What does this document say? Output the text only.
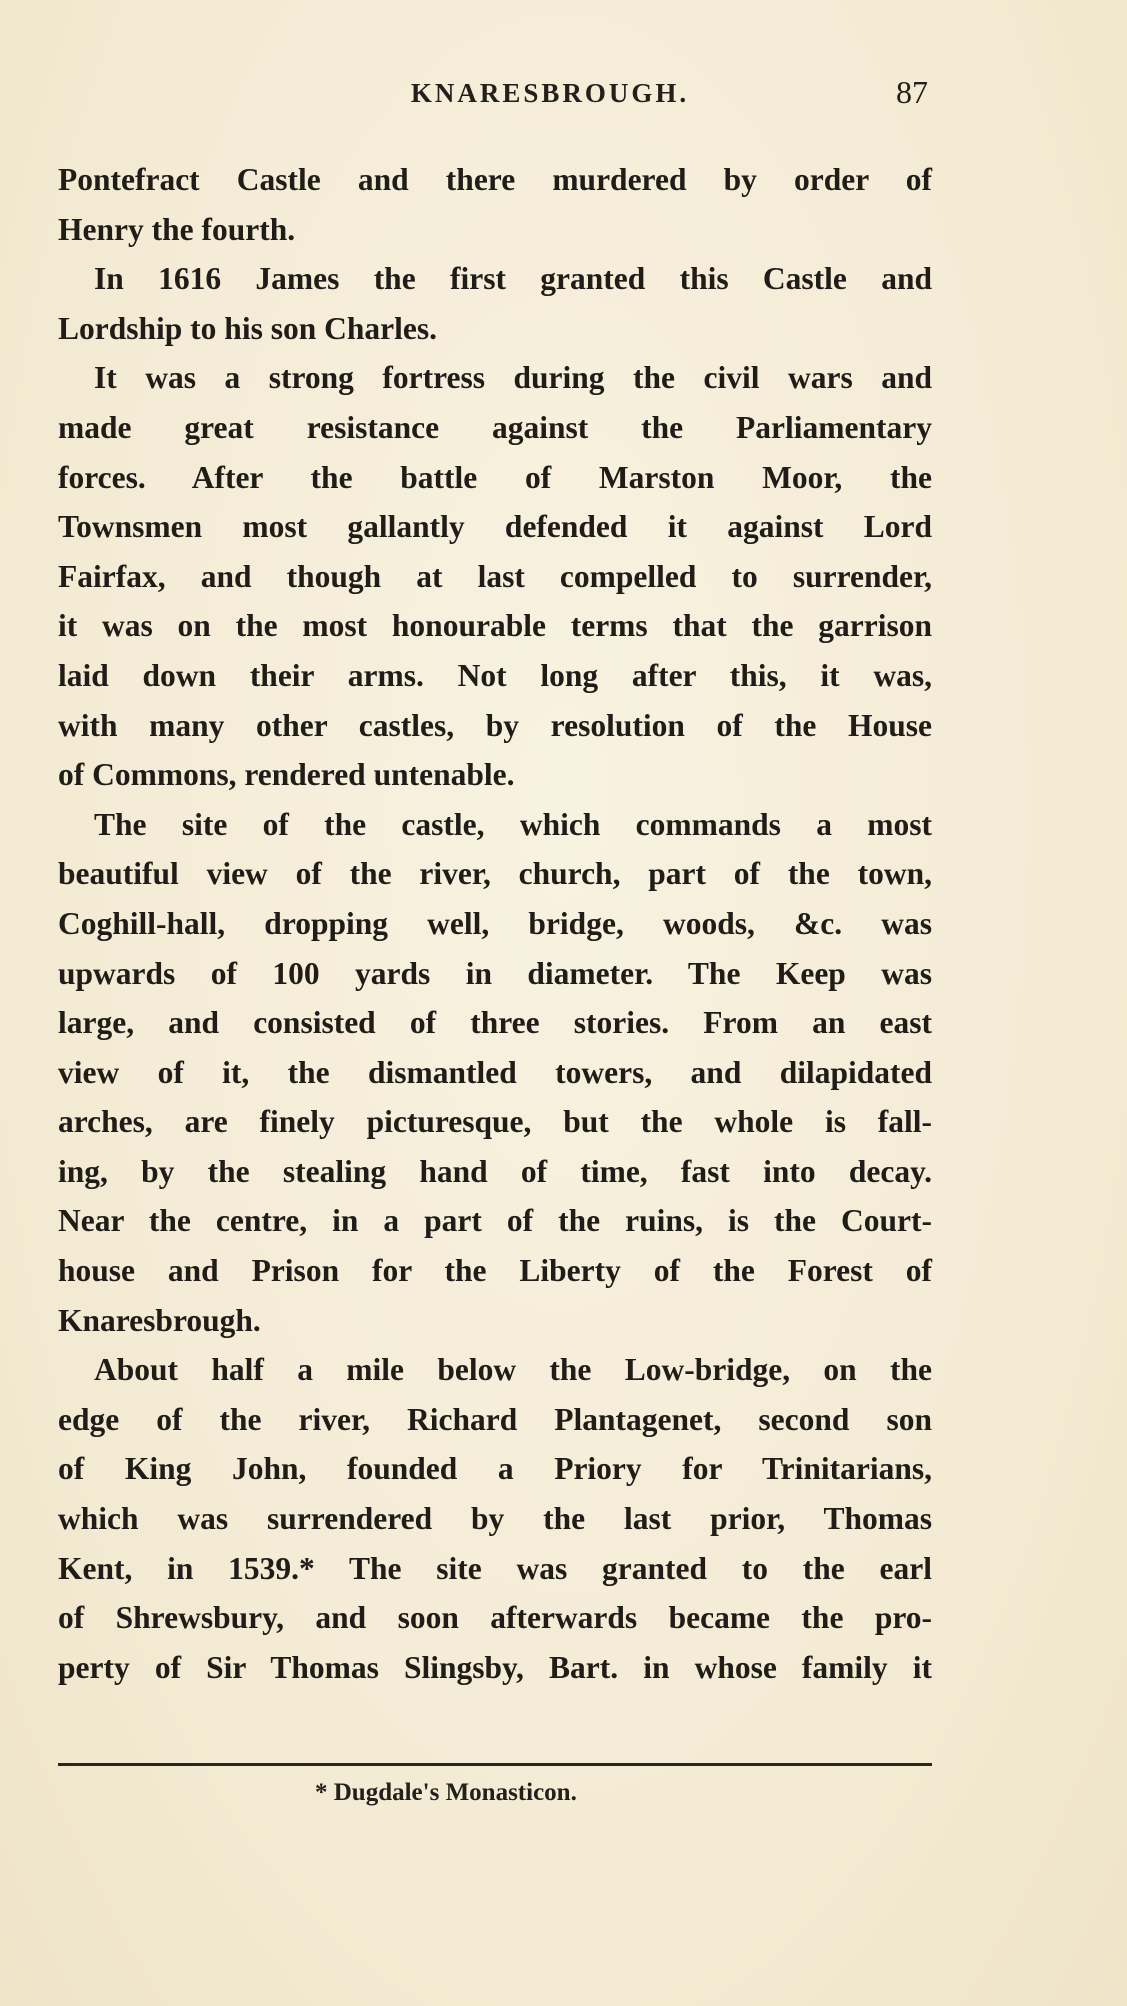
KNARESBROUGH.	87
Pontefract Castle and there murdered by order of
Henry the fourth.
In 1616 James the first granted this Castle and
Lordship to his son Charles.
It was a strong fortress during the civil wars and
made great resistance against the Parliamentary
forces. After the battle of Marston Moor, the
Townsmen most gallantly defended it against Lord
Fairfax, and though at last compelled to surrender,
it was on the most honourable terms that the garrison
laid down their arms. Not long after this, it was,
with many other castles, by resolution of the House
of Commons, rendered untenable.
The site of the castle, which commands a most
beautiful view of the river, church, part of the town,
Coghill-hall, dropping well, bridge, woods, &c. was
upwards of 100 yards in diameter. The Keep was
large, and consisted of three stories. From an east
view of it, the dismantled towers, and dilapidated
arches, are finely picturesque, but the whole is fall-
ing, by the stealing hand of time, fast into decay.
Near the centre, in a part of the ruins, is the Court-
house and Prison for the Liberty of the Forest of
Knaresbrough.
About half a mile below the Low-bridge, on the
edge of the river, Richard Plantagenet, second son
of King John, founded a Priory for Trinitarians,
which was surrendered by the last prior, Thomas
Kent, in 1539.* The site was granted to the earl
of Shrewsbury, and soon afterwards became the pro-
perty of Sir Thomas Slingsby, Bart. in whose family it
* Dugdale's Monasticon.
